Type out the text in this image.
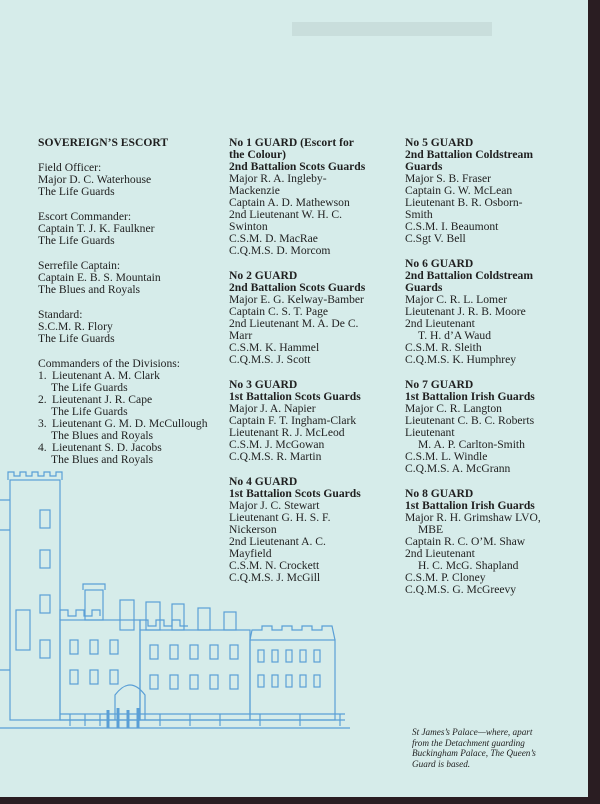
SOVEREIGN’S ESCORT
Field Officer:
Major D. C. Waterhouse
The Life Guards
Escort Commander:
Captain T. J. K. Faulkner
The Life Guards
Serrefile Captain:
Captain E. B. S. Mountain
The Blues and Royals
Standard:
S.C.M. R. Flory
The Life Guards
Commanders of the Divisions:
1. Lieutenant A. M. Clark
The Life Guards
2. Lieutenant J. R. Cape
The Life Guards
3. Lieutenant G. M. D. McCullough
The Blues and Royals
4. Lieutenant S. D. Jacobs
The Blues and Royals
No 1 GUARD (Escort for
the Colour)
2nd Battalion Scots Guards
Major R. A. Ingleby-
Mackenzie
Captain A. D. Mathewson
2nd Lieutenant W. H. C.
Swinton
C.S.M. D. MacRae
C.Q.M.S. D. Morcom
No 2 GUARD
2nd Battalion Scots Guards
Major E. G. Kelway-Bamber
Captain C. S. T. Page
2nd Lieutenant M. A. De C.
Marr
C.S.M. K. Hammel
C.Q.M.S. J. Scott
No 3 GUARD
1st Battalion Scots Guards
Major J. A. Napier
Captain F. T. Ingham-Clark
Lieutenant R. J. McLeod
C.S.M. J. McGowan
C.Q.M.S. R. Martin
No 4 GUARD
1st Battalion Scots Guards
Major J. C. Stewart
Lieutenant G. H. S. F.
Nickerson
2nd Lieutenant A. C.
Mayfield
C.S.M. N. Crockett
C.Q.M.S. J. McGill
No 5 GUARD
2nd Battalion Coldstream
Guards
Major S. B. Fraser
Captain G. W. McLean
Lieutenant B. R. Osborn-
Smith
C.S.M. I. Beaumont
C.Sgt V. Bell
No 6 GUARD
2nd Battalion Coldstream
Guards
Major C. R. L. Lomer
Lieutenant J. R. B. Moore
2nd Lieutenant
T. H. d’A Waud
C.S.M. R. Sleith
C.Q.M.S. K. Humphrey
No 7 GUARD
1st Battalion Irish Guards
Major C. R. Langton
Lieutenant C. B. C. Roberts
Lieutenant
M. A. P. Carlton-Smith
C.S.M. L. Windle
C.Q.M.S. A. McGrann
No 8 GUARD
1st Battalion Irish Guards
Major R. H. Grimshaw LVO,
MBE
Captain R. C. O’M. Shaw
2nd Lieutenant
H. C. McG. Shapland
C.S.M. P. Cloney
C.Q.M.S. G. McGreevy
St James’s Palace—where, apart
from the Detachment guarding
Buckingham Palace, The Queen’s
Guard is based.
